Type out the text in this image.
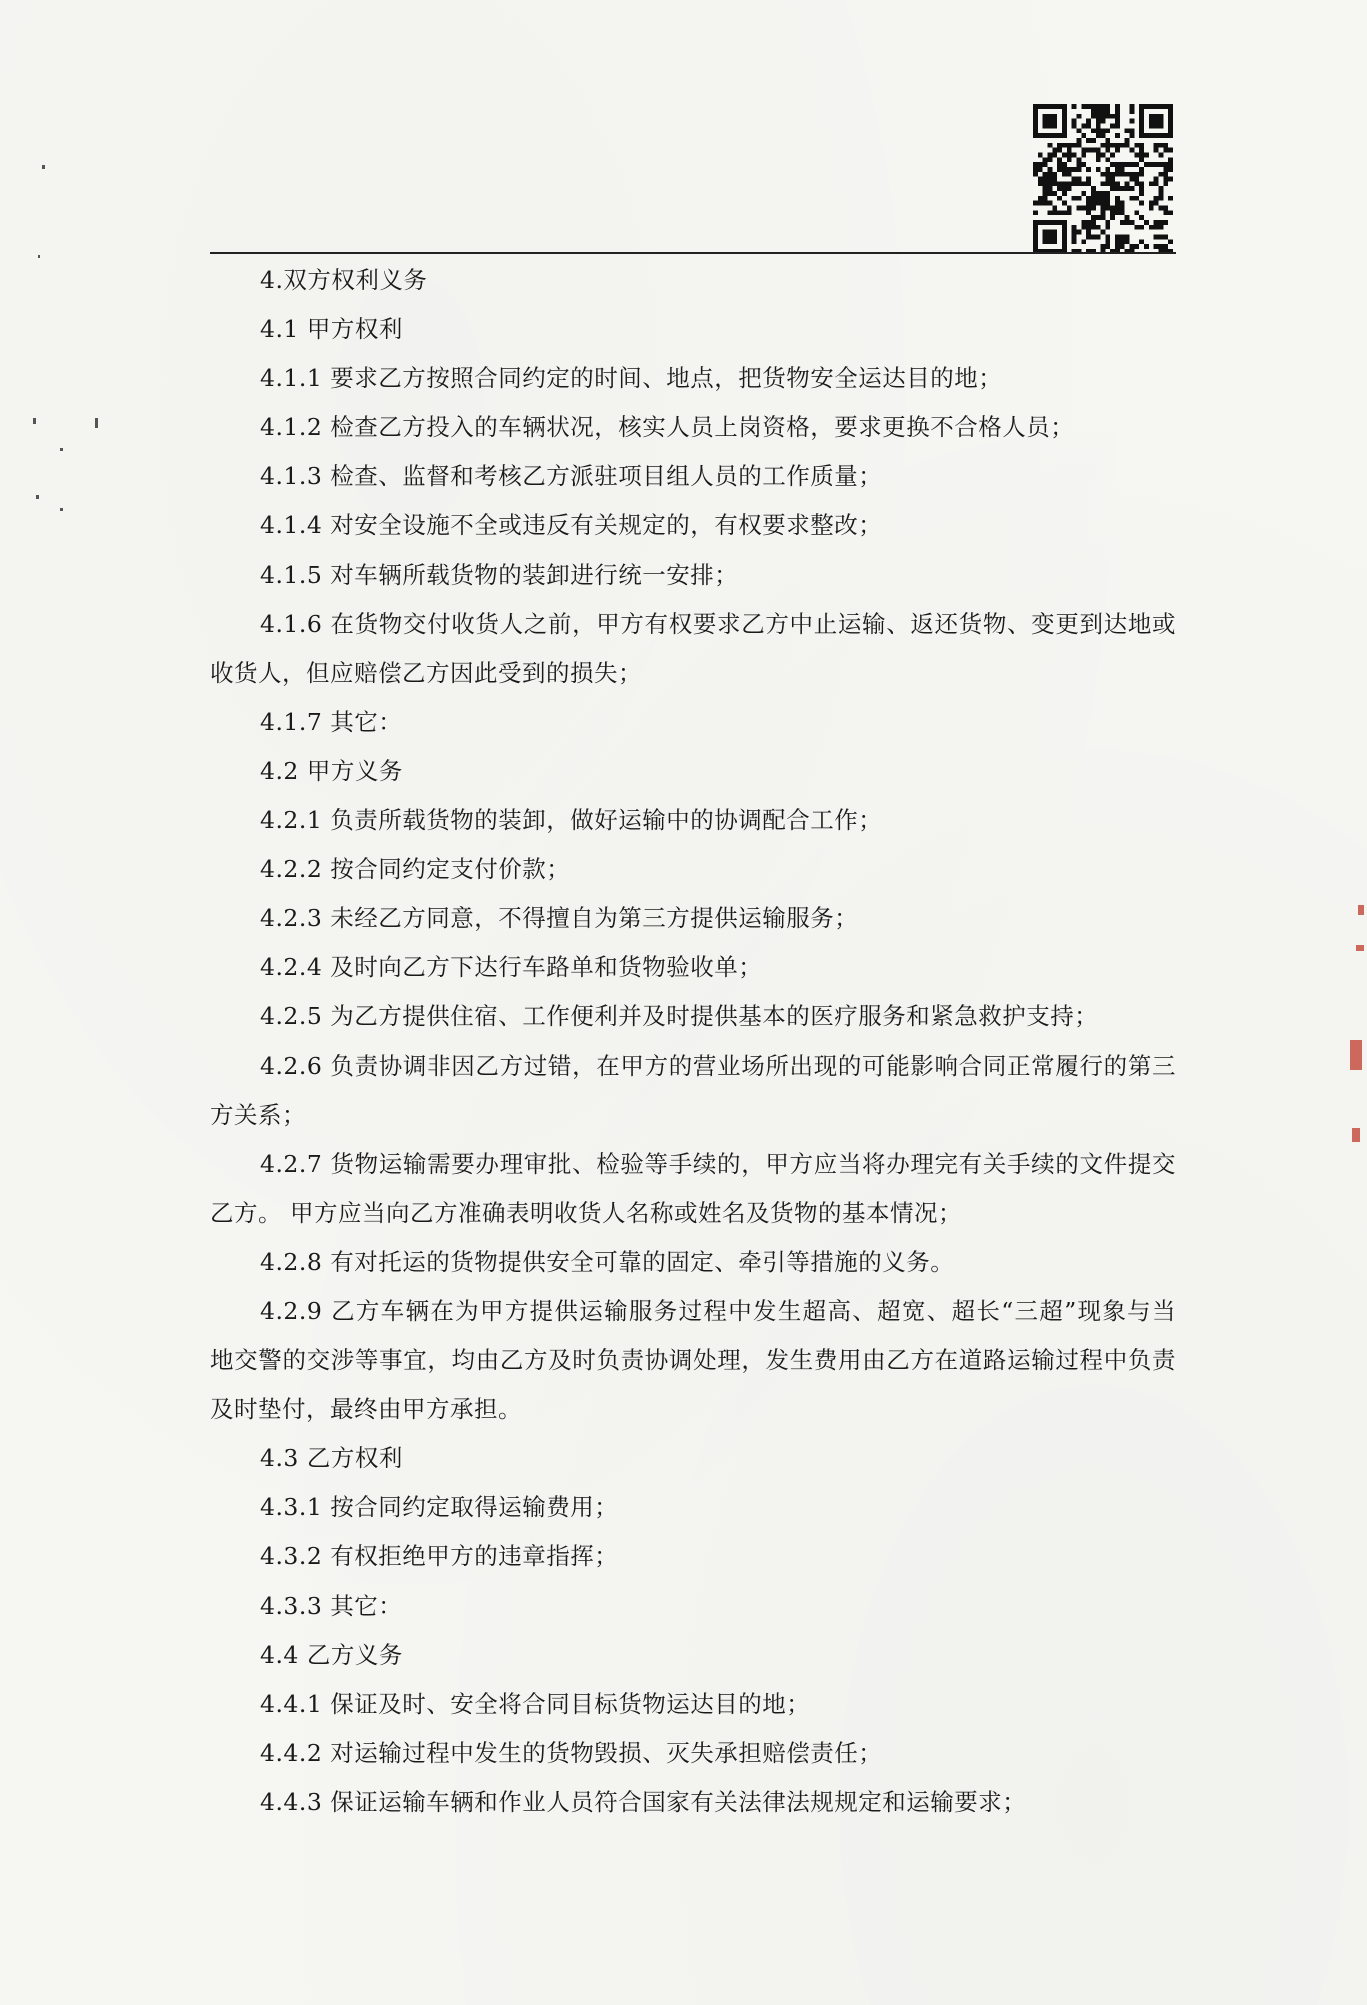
4.双方权利义务
4.1 甲方权利
4.1.1 要求乙方按照合同约定的时间、地点，把货物安全运达目的地；
4.1.2 检查乙方投入的车辆状况，核实人员上岗资格，要求更换不合格人员；
4.1.3 检查、监督和考核乙方派驻项目组人员的工作质量；
4.1.4 对安全设施不全或违反有关规定的，有权要求整改；
4.1.5 对车辆所载货物的装卸进行统一安排；
4.1.6 在货物交付收货人之前，甲方有权要求乙方中止运输、返还货物、变更到达地或
收货人，但应赔偿乙方因此受到的损失；
4.1.7 其它：
4.2 甲方义务
4.2.1 负责所载货物的装卸，做好运输中的协调配合工作；
4.2.2 按合同约定支付价款；
4.2.3 未经乙方同意，不得擅自为第三方提供运输服务；
4.2.4 及时向乙方下达行车路单和货物验收单；
4.2.5 为乙方提供住宿、工作便利并及时提供基本的医疗服务和紧急救护支持；
4.2.6 负责协调非因乙方过错，在甲方的营业场所出现的可能影响合同正常履行的第三
方关系；
4.2.7 货物运输需要办理审批、检验等手续的，甲方应当将办理完有关手续的文件提交
乙方。 甲方应当向乙方准确表明收货人名称或姓名及货物的基本情况；
4.2.8 有对托运的货物提供安全可靠的固定、牵引等措施的义务。
4.2.9 乙方车辆在为甲方提供运输服务过程中发生超高、超宽、超长“三超”现象与当
地交警的交涉等事宜，均由乙方及时负责协调处理，发生费用由乙方在道路运输过程中负责
及时垫付，最终由甲方承担。
4.3 乙方权利
4.3.1 按合同约定取得运输费用；
4.3.2 有权拒绝甲方的违章指挥；
4.3.3 其它：
4.4 乙方义务
4.4.1 保证及时、安全将合同目标货物运达目的地；
4.4.2 对运输过程中发生的货物毁损、灭失承担赔偿责任；
4.4.3 保证运输车辆和作业人员符合国家有关法律法规规定和运输要求；
